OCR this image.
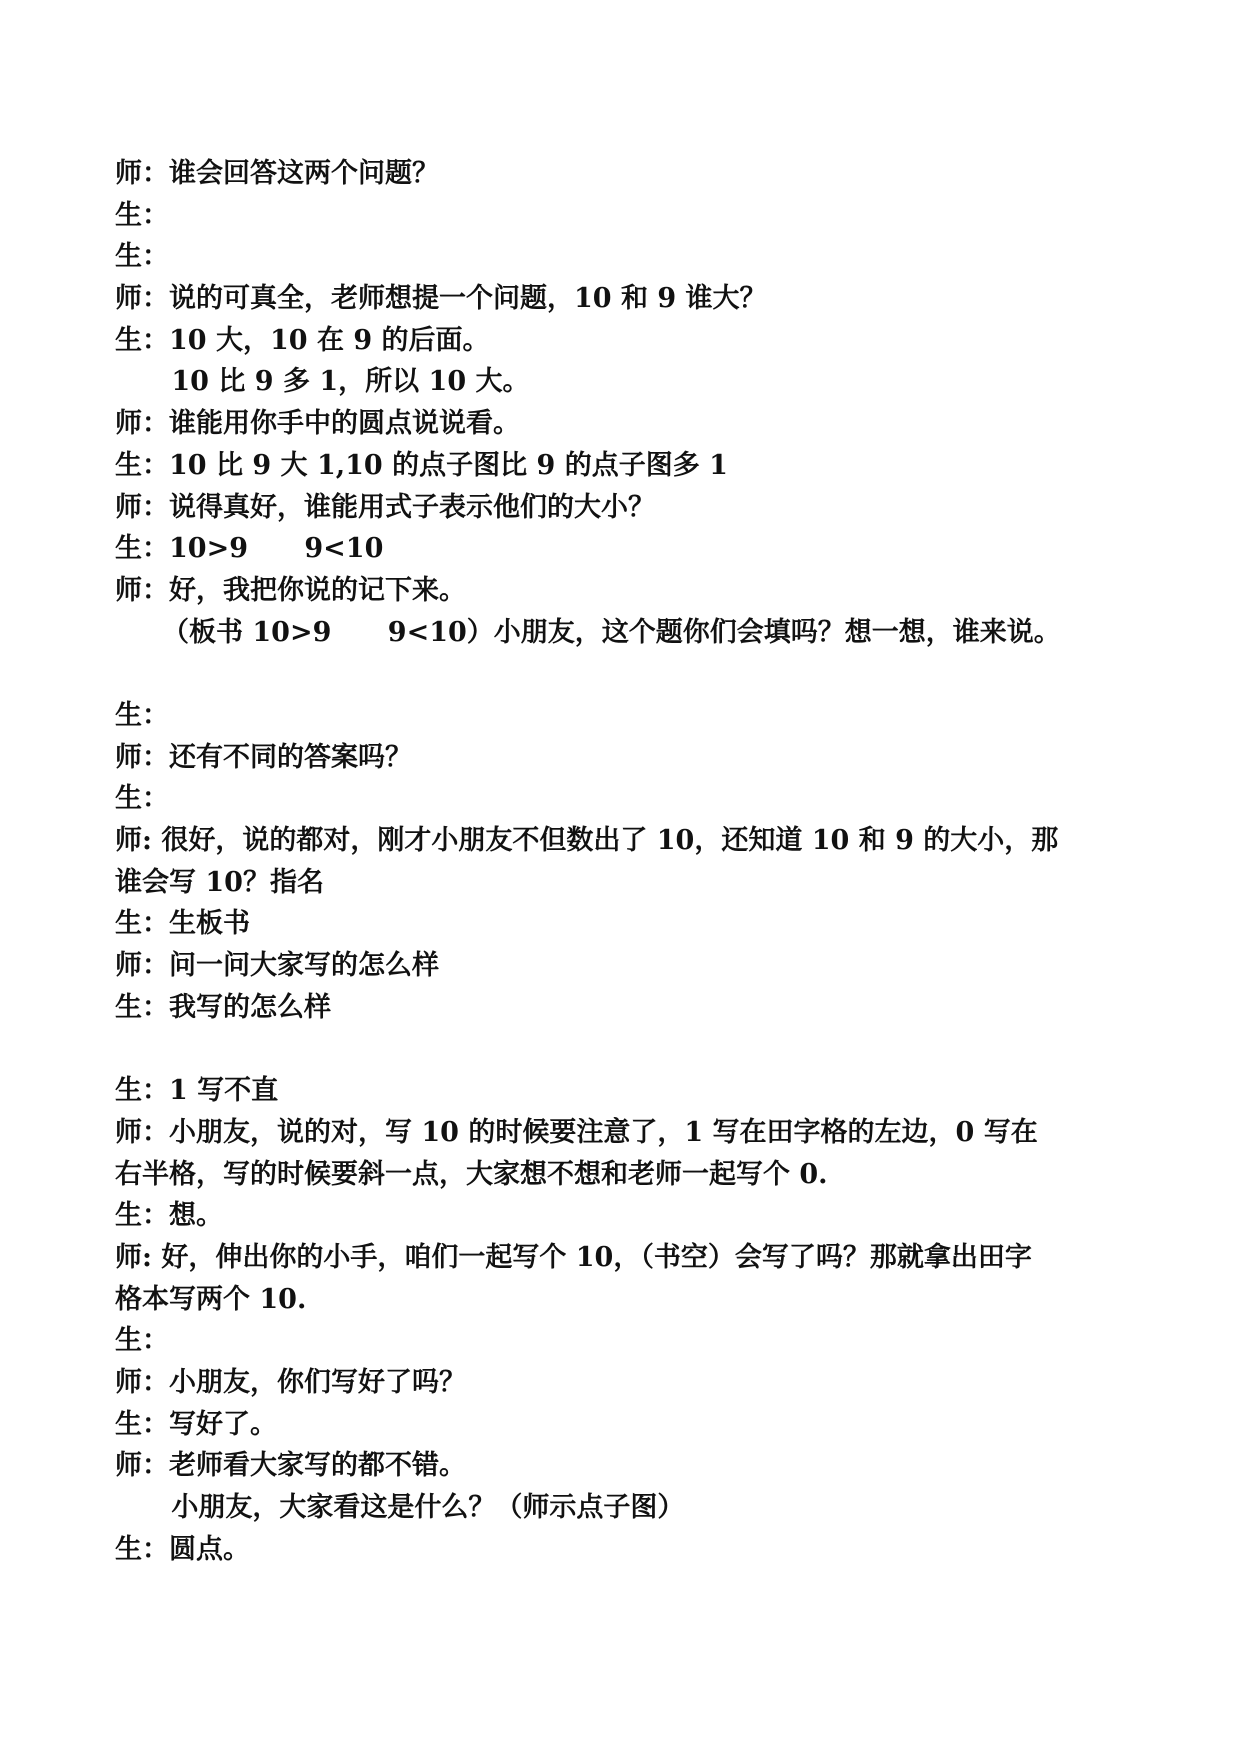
师：谁会回答这两个问题？
生：
生：
师：说的可真全，老师想提一个问题，10 和 9 谁大？
生：10 大，10 在 9 的后面。
10 比 9 多 1，所以 10 大。
师：谁能用你手中的圆点说说看。
生：10 比 9 大 1,10 的点子图比 9 的点子图多 1
师：说得真好，谁能用式子表示他们的大小？
生：10>9      9<10
师：好，我把你说的记下来。
（板书 10>9      9<10）小朋友，这个题你们会填吗？想一想，谁来说。
生：
师：还有不同的答案吗？
生：
师: 很好，说的都对，刚才小朋友不但数出了 10，还知道 10 和 9 的大小，那
谁会写 10？指名
生：生板书
师：问一问大家写的怎么样
生：我写的怎么样
生：1 写不直
师：小朋友，说的对，写 10 的时候要注意了，1 写在田字格的左边，0 写在
右半格，写的时候要斜一点，大家想不想和老师一起写个 0.
生：想。
师: 好，伸出你的小手，咱们一起写个 10，（书空）会写了吗？那就拿出田字
格本写两个 10.
生：
师：小朋友，你们写好了吗？
生：写好了。
师：老师看大家写的都不错。
小朋友，大家看这是什么？（师示点子图）
生：圆点。
